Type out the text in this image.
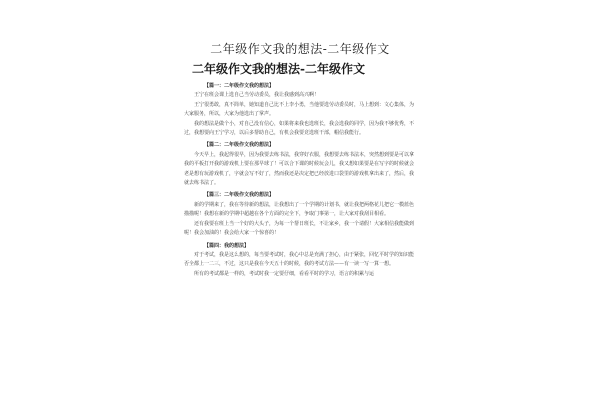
二年级作文我的想法-二年级作文
二年级作文我的想法-二年级作文

【篇一：二年级作文我的想法】

王宁在班会课上选自己当劳动委员，我让我感到高兴啊！

王宁很勇敢，真不简单，她知道自己比不上李小勇，当他要选劳动委员时，马上想到：文心集体，为大家服务，所以，大家为他选出了掌声。

我的想法是做个小，对自己没有信心，如果将来我也选班长，我会选我的同学，因为我不够优秀，不过，我想要向王宁学习，以后多帮助自己，有机会我要竞选班干部，帽信我能行。

【篇二：二年级作文我的想法】

今天早上，我起得很早，因为我要去练书法，我穿好衣服，我想要去练书法本，突然想到要是可以拿我的平板打开我的游戏机上要在那早球了！可以合下课的时候玩会儿，我又想如果要是在写字的时候就会老是想有玩游戏机了，字就会写不好了，然而我还是决定把已经放进口袋里的游戏机拿出来了，然后，我就去练书法了。

【篇三：二年级作文我的想法】

新的学期来了，我在等待新的想法，让我想出了一个学期的计划书，就让我把两格花儿把它一模蓝色描描呢！我想在新的学期中超越在各个方面的完全下，争取门事第一，让大家对我刮目相看。

还有我要在班上当一个好的大头子，为每一个帮日班长，不让家乡，我一个请假！大家相信我能做到呢！我会加油的！我会给大家一个惊喜的！

【篇四：我的想法】

对于考试，我是这么想的，每当要考试时，我心中总是充满了担心，由于紧张，回忆平时学的知识能否全都上一二三，不过，这只是我在今天五十的时候，我的考试方法——有一读一写一算一想。

所有的考试都是一样的，考试时我一定要仔细，看看平时的学习，语言的积累与运
